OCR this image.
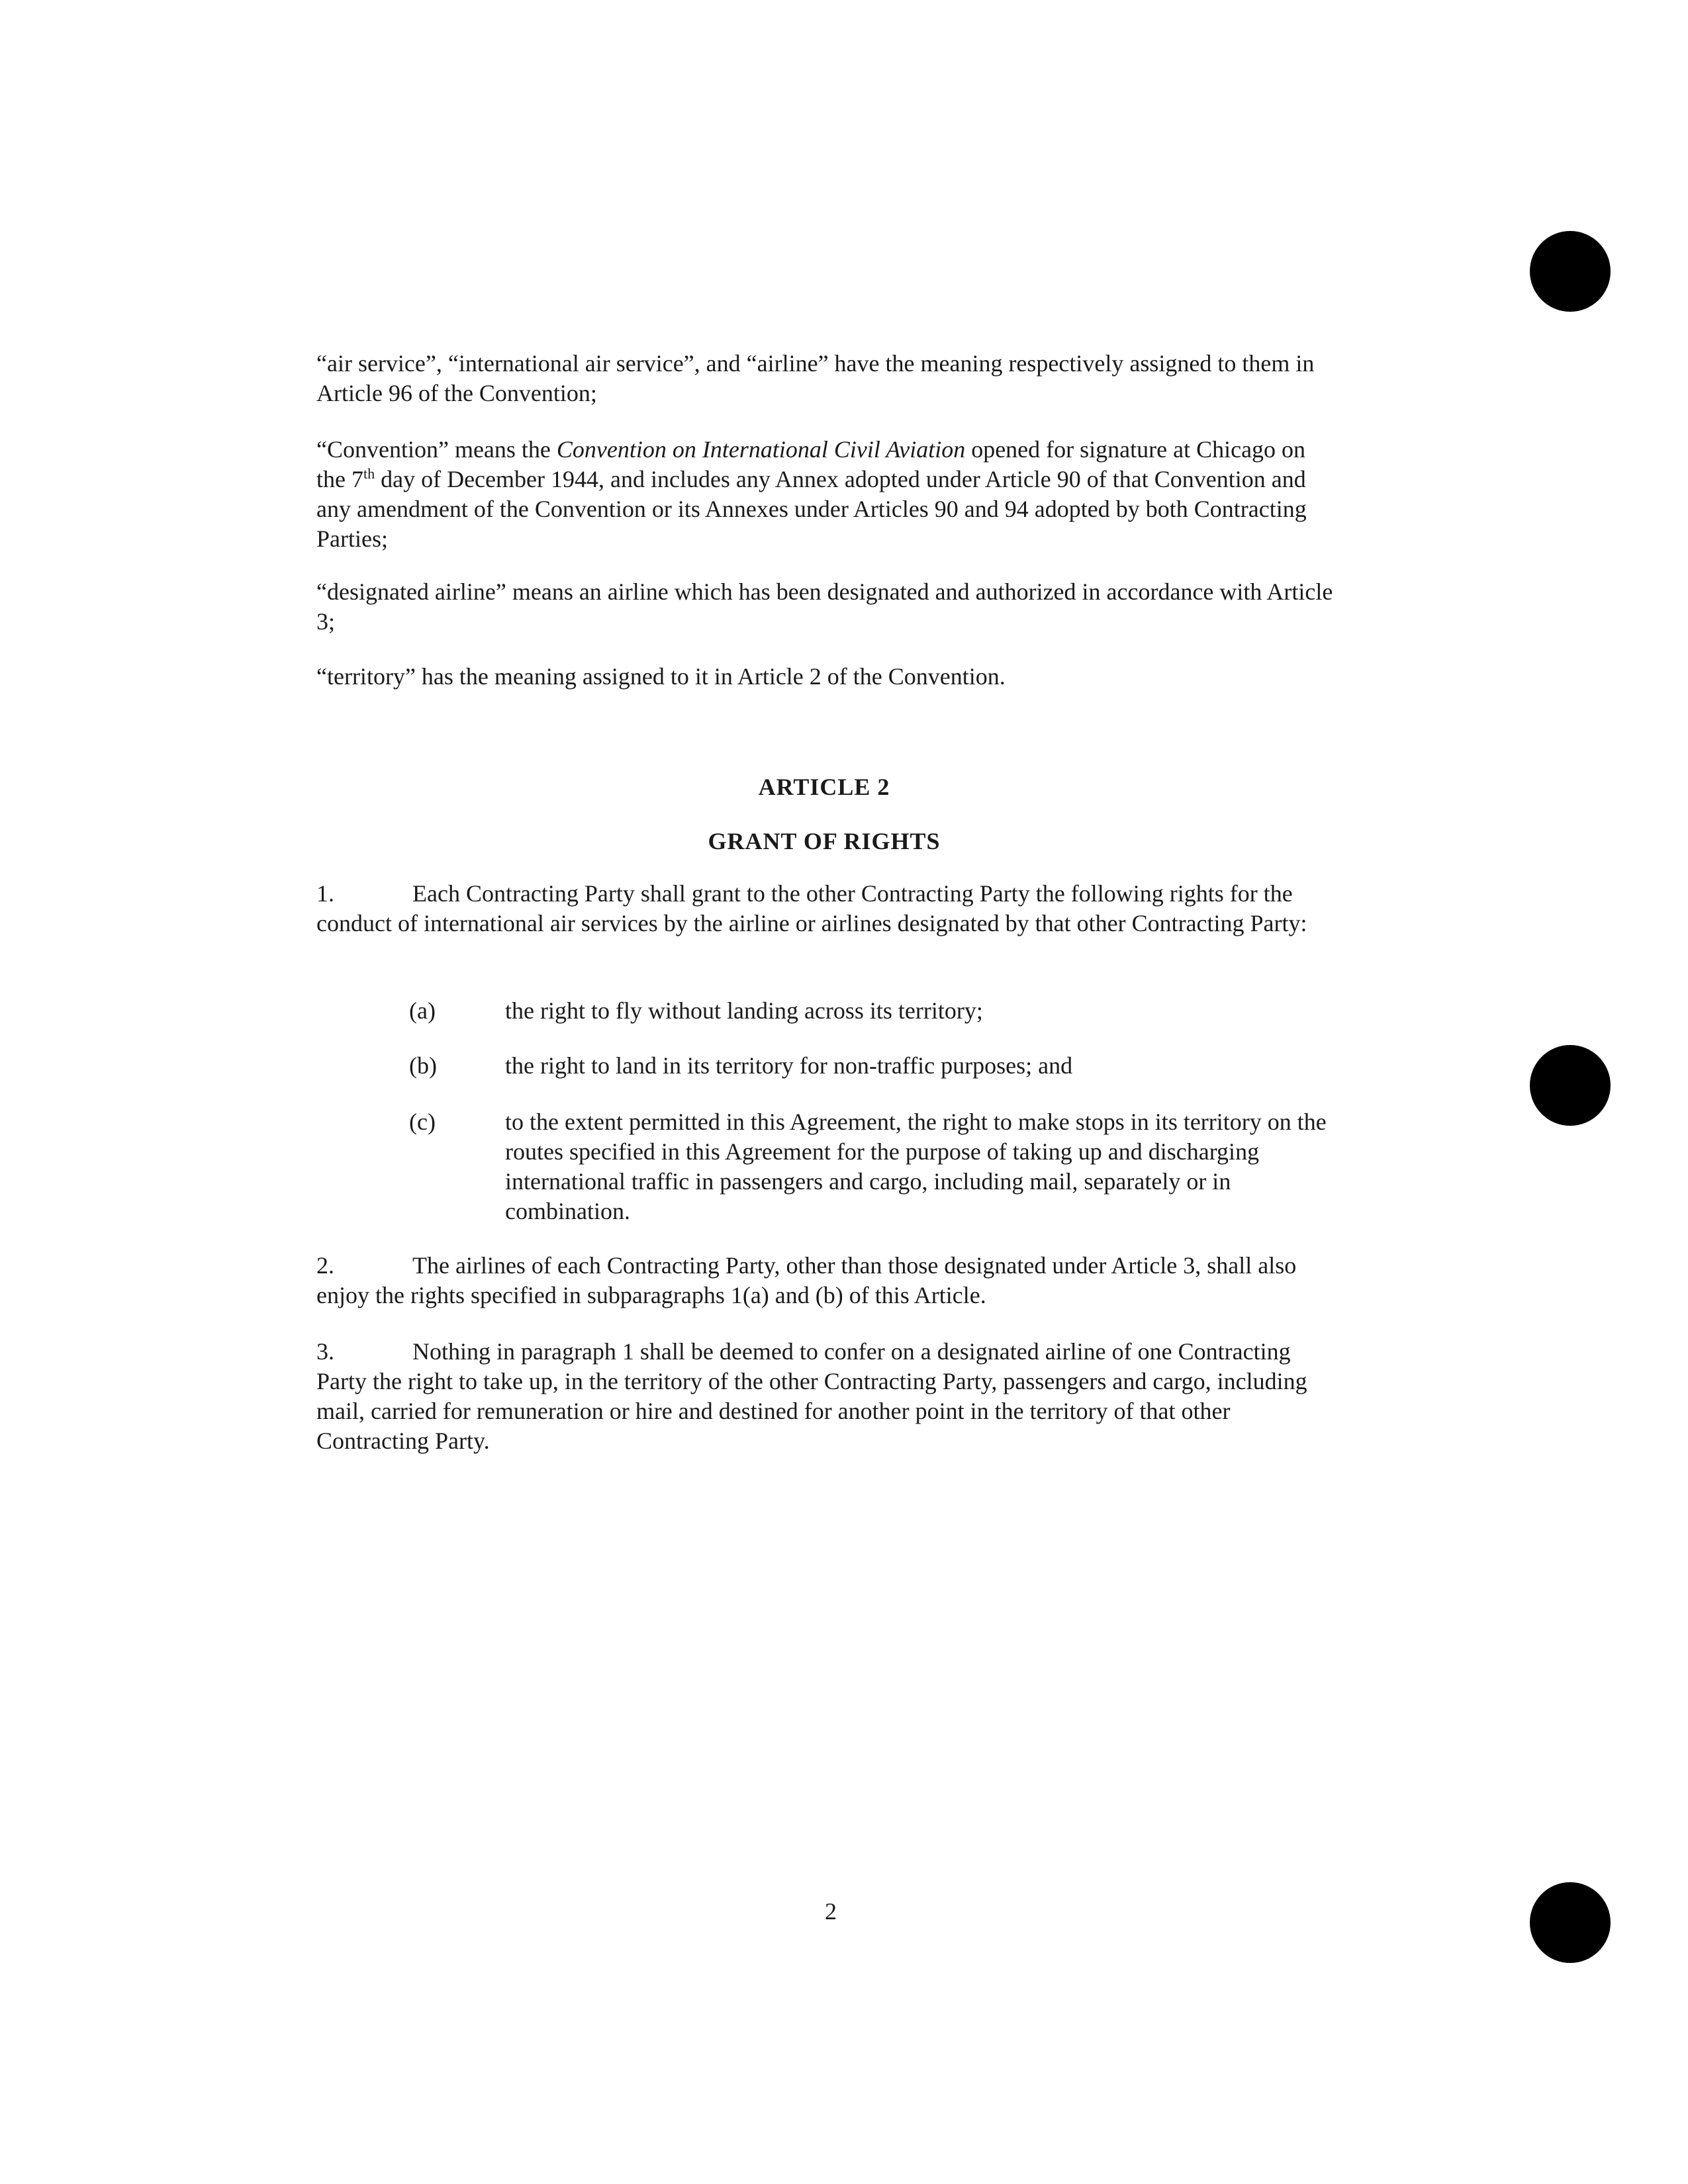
“air service”, “international air service”, and “airline” have the meaning respectively assigned to them in Article 96 of the Convention;

“Convention” means the Convention on International Civil Aviation opened for signature at Chicago on the 7th day of December 1944, and includes any Annex adopted under Article 90 of that Convention and any amendment of the Convention or its Annexes under Articles 90 and 94 adopted by both Contracting Parties;

“designated airline” means an airline which has been designated and authorized in accordance with Article 3;

“territory” has the meaning assigned to it in Article 2 of the Convention.

ARTICLE 2

GRANT OF RIGHTS

1.	Each Contracting Party shall grant to the other Contracting Party the following rights for the conduct of international air services by the airline or airlines designated by that other Contracting Party:

(a)	the right to fly without landing across its territory;
(b)	the right to land in its territory for non-traffic purposes; and
(c)	to the extent permitted in this Agreement, the right to make stops in its territory on the routes specified in this Agreement for the purpose of taking up and discharging international traffic in passengers and cargo, including mail, separately or in combination.

2.	The airlines of each Contracting Party, other than those designated under Article 3, shall also enjoy the rights specified in subparagraphs 1(a) and (b) of this Article.

3.	Nothing in paragraph 1 shall be deemed to confer on a designated airline of one Contracting Party the right to take up, in the territory of the other Contracting Party, passengers and cargo, including mail, carried for remuneration or hire and destined for another point in the territory of that other Contracting Party.

2
